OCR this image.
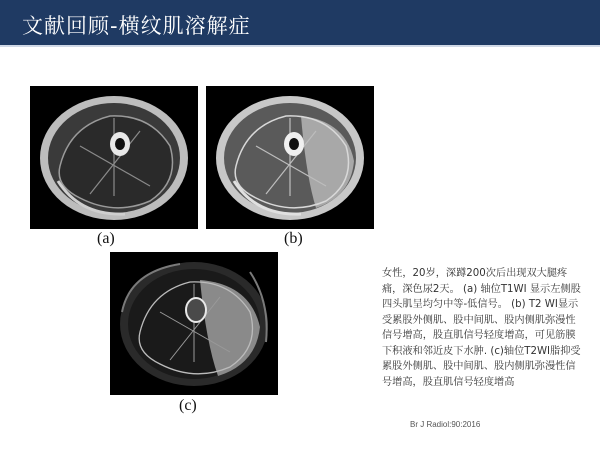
文献回顾-横纹肌溶解症
(a)	(b)
(c)
女性，20岁，深蹲200次后出现双大腿疼痛，深色尿2天。 (a) 轴位T1WI 显示左侧股四头肌呈均匀中等-低信号。 (b) T2 WI显示受累股外侧肌、股中间肌、股内侧肌弥漫性信号增高，股直肌信号轻度增高，可见筋膜下积液和邻近皮下水肿. (c)轴位T2WI脂抑受累股外侧肌、股中间肌、股内侧肌弥漫性信号增高，股直肌信号轻度增高
Br J Radiol:90:2016
